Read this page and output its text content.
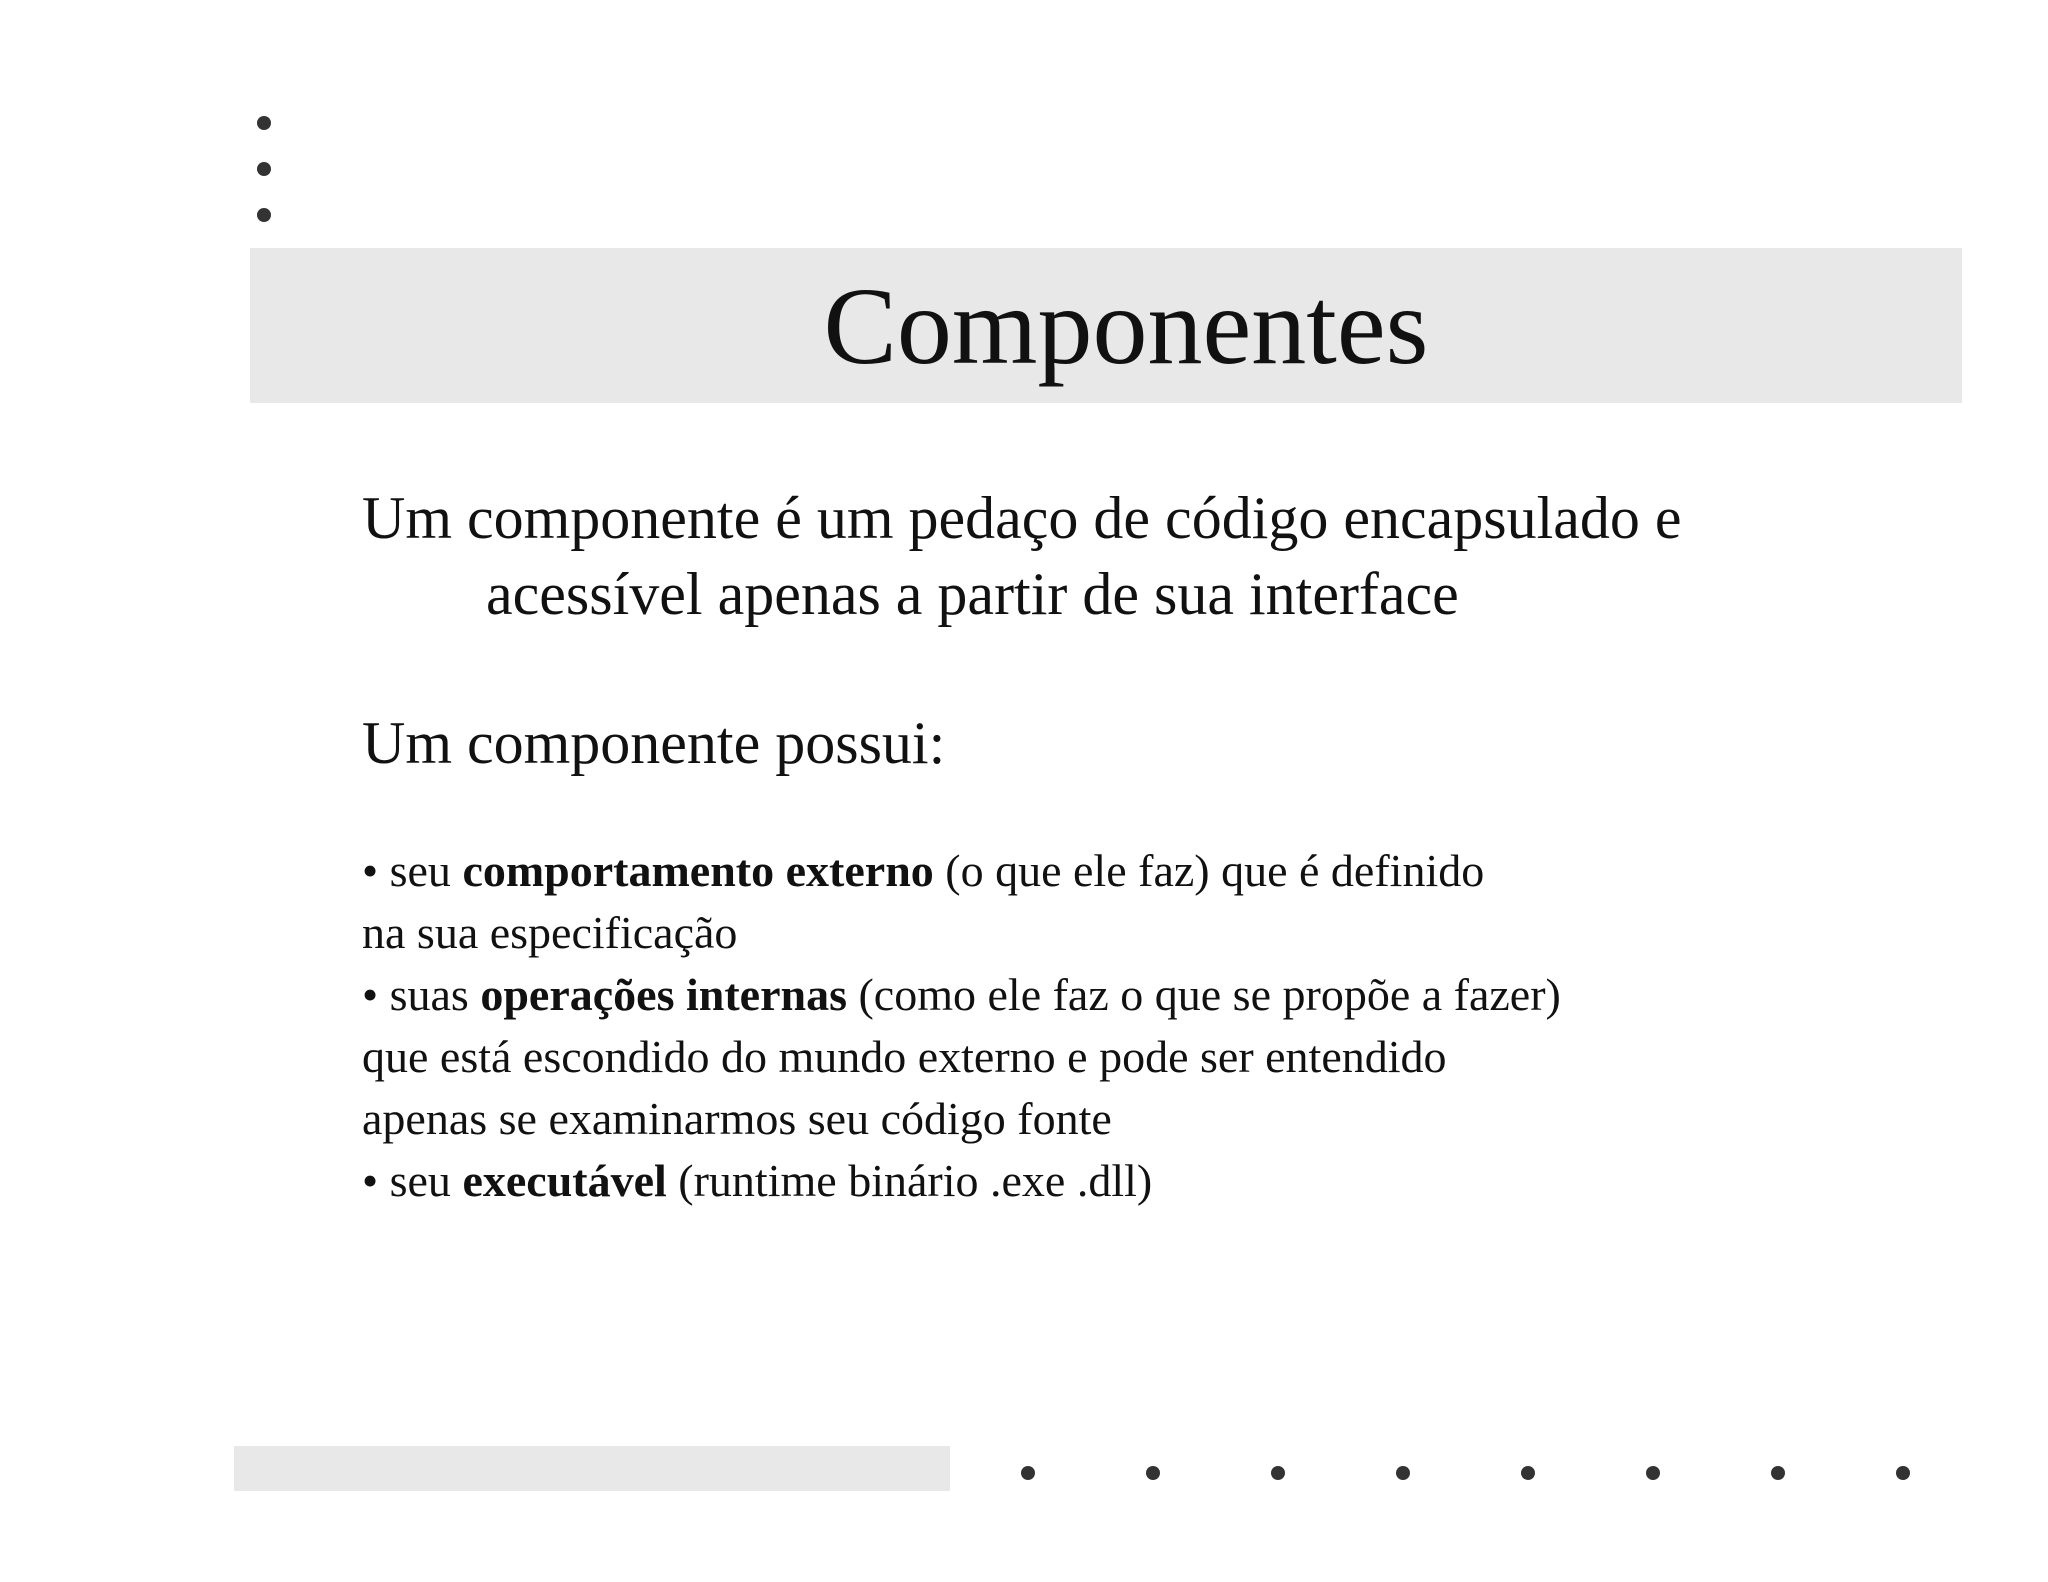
Componentes
Um componente é um pedaço de código encapsulado e
acessível apenas a partir de sua interface
Um componente possui:
• seu comportamento externo (o que ele faz) que é definido
na sua especificação
• suas operações internas (como ele faz o que se propõe a fazer)
que está escondido do mundo externo e pode ser entendido
apenas se examinarmos seu código fonte
• seu executável (runtime binário .exe .dll)
